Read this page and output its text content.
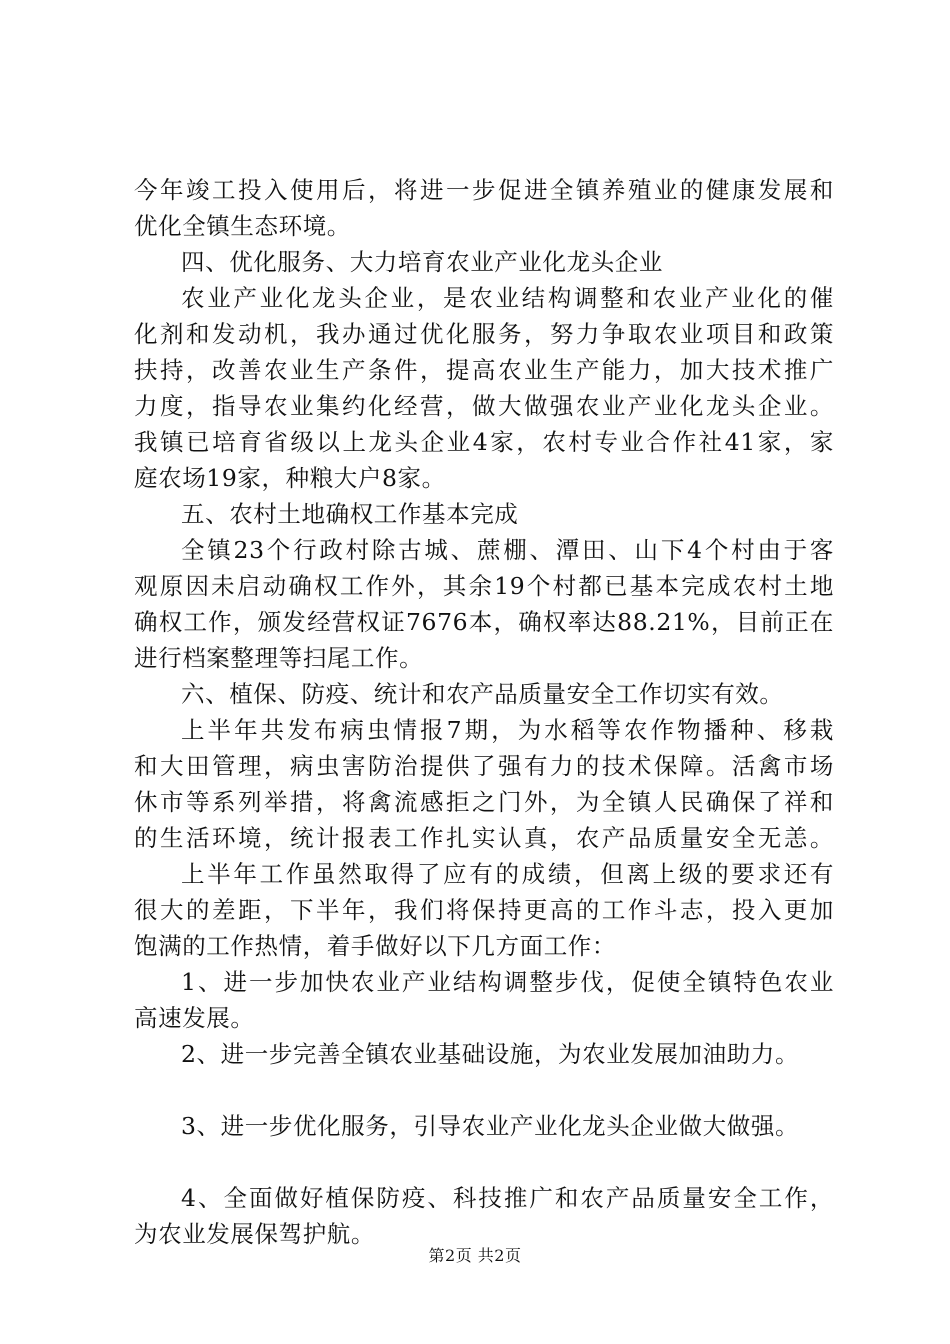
今年竣工投入使用后，将进一步促进全镇养殖业的健康发展和
优化全镇生态环境。
四、优化服务、大力培育农业产业化龙头企业
农业产业化龙头企业，是农业结构调整和农业产业化的催
化剂和发动机，我办通过优化服务，努力争取农业项目和政策
扶持，改善农业生产条件，提高农业生产能力，加大技术推广
力度，指导农业集约化经营，做大做强农业产业化龙头企业。
我镇已培育省级以上龙头企业4家，农村专业合作社41家，家
庭农场19家，种粮大户8家。
五、农村土地确权工作基本完成
全镇23个行政村除古城、蔗棚、潭田、山下4个村由于客
观原因未启动确权工作外，其余19个村都已基本完成农村土地
确权工作，颁发经营权证7676本，确权率达88.21%，目前正在
进行档案整理等扫尾工作。
六、植保、防疫、统计和农产品质量安全工作切实有效。
上半年共发布病虫情报7期，为水稻等农作物播种、移栽
和大田管理，病虫害防治提供了强有力的技术保障。活禽市场
休市等系列举措，将禽流感拒之门外，为全镇人民确保了祥和
的生活环境，统计报表工作扎实认真，农产品质量安全无恙。
上半年工作虽然取得了应有的成绩，但离上级的要求还有
很大的差距，下半年，我们将保持更高的工作斗志，投入更加
饱满的工作热情，着手做好以下几方面工作：
1、进一步加快农业产业结构调整步伐，促使全镇特色农业
高速发展。
2、进一步完善全镇农业基础设施，为农业发展加油助力。
3、进一步优化服务，引导农业产业化龙头企业做大做强。
4、全面做好植保防疫、科技推广和农产品质量安全工作，
为农业发展保驾护航。
第2页 共2页
